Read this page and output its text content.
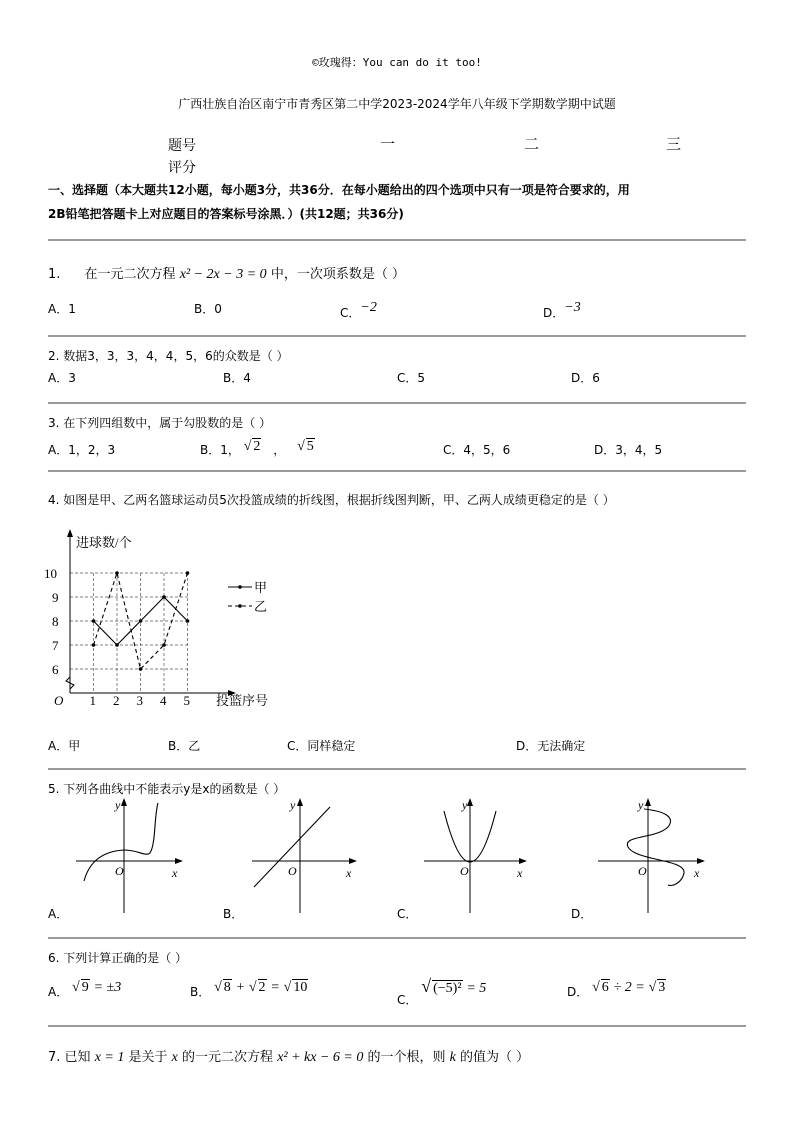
©玫瑰得：You can do it too!
广西壮族自治区南宁市青秀区第二中学2023-2024学年八年级下学期数学期中试题
题号	一	二	三
评分
一、选择题（本大题共12小题，每小题3分，共36分．在每小题给出的四个选项中只有一项是符合要求的，用
2B铅笔把答题卡上对应题目的答案标号涂黑．）(共12题；共36分)
1. 在一元二次方程 x² − 2x − 3 = 0 中，一次项系数是（ ）
A．1	B．0	C．−2	D．−3
2. 数据3，3，3，4，4，5，6的众数是（ ）
A．3	B．4	C．5	D．6
3. 在下列四组数中，属于勾股数的是（ ）
A．1，2，3	B．1， √ 2 ， √ 5	C．4，5，6	D．3，4，5
4. 如图是甲、乙两名篮球运动员5次投篮成绩的折线图，根据折线图判断，甲、乙两人成绩更稳定的是（ ）
进球数/个
投篮序号
O 1 2 3 4 5
6
7
8
9
10
甲
乙
A．甲	B．乙	C．同样稳定	D．无法确定
5. 下列各曲线中不能表示y是x的函数是（ ）
O	x
y
O	x
y
O	x
y
O	x
y
A．	B．	C．	D．
6. 下列计算正确的是（ ）
A． √ 9 = ±3	B． √ 8 + √ 2 = √ 10
C． √ (−5)² = 5	D． √ 6 ÷ 2 = √ 3
7. 已知 x = 1 是关于 x 的一元二次方程 x² + kx − 6 = 0 的一个根，则 k 的值为（ ）
